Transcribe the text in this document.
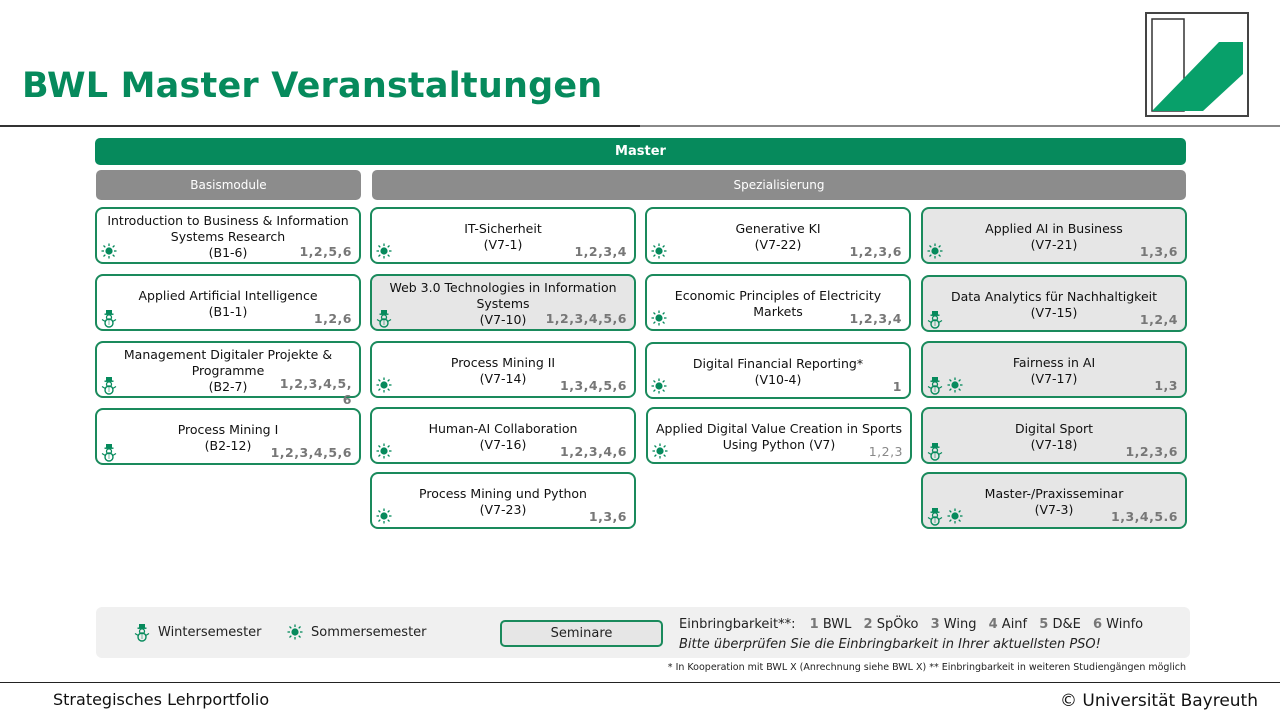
BWL Master Veranstaltungen
Master
Basismodule	Spezialisierung
Introduction to Business & Information Systems Research
(B1-6)	1,2,5,6
Applied Artificial Intelligence
(B1-1)	1,2,6
Management Digitaler Projekte & Programme
(B2-7)	1,2,3,4,5, 6
Process Mining I
(B2-12)	1,2,3,4,5,6
IT-Sicherheit
(V7-1)	1,2,3,4
Web 3.0 Technologies in Information Systems
(V7-10)	1,2,3,4,5,6
Process Mining II
(V7-14)	1,3,4,5,6
Human-AI Collaboration
(V7-16)	1,2,3,4,6
Process Mining und Python
(V7-23)	1,3,6
Generative KI
(V7-22)	1,2,3,6
Economic Principles of Electricity Markets	1,2,3,4
Digital Financial Reporting*
(V10-4)	1
Applied Digital Value Creation in Sports Using Python (V7)	1,2,3
Applied AI in Business
(V7-21)	1,3,6
Data Analytics für Nachhaltigkeit
(V7-15)	1,2,4
Fairness in AI
(V7-17)	1,3
Digital Sport
(V7-18)	1,2,3,6
Master-/Praxisseminar
(V7-3)	1,3,4,5.6
Wintersemester	Sommersemester	Seminare
Einbringbarkeit**: 1 BWL 2 SpÖko 3 Wing 4 Ainf 5 D&E 6 Winfo
Bitte überprüfen Sie die Einbringbarkeit in Ihrer aktuellsten PSO!
* In Kooperation mit BWL X (Anrechnung siehe BWL X) ** Einbringbarkeit in weiteren Studiengängen möglich
Strategisches Lehrportfolio	© Universität Bayreuth
